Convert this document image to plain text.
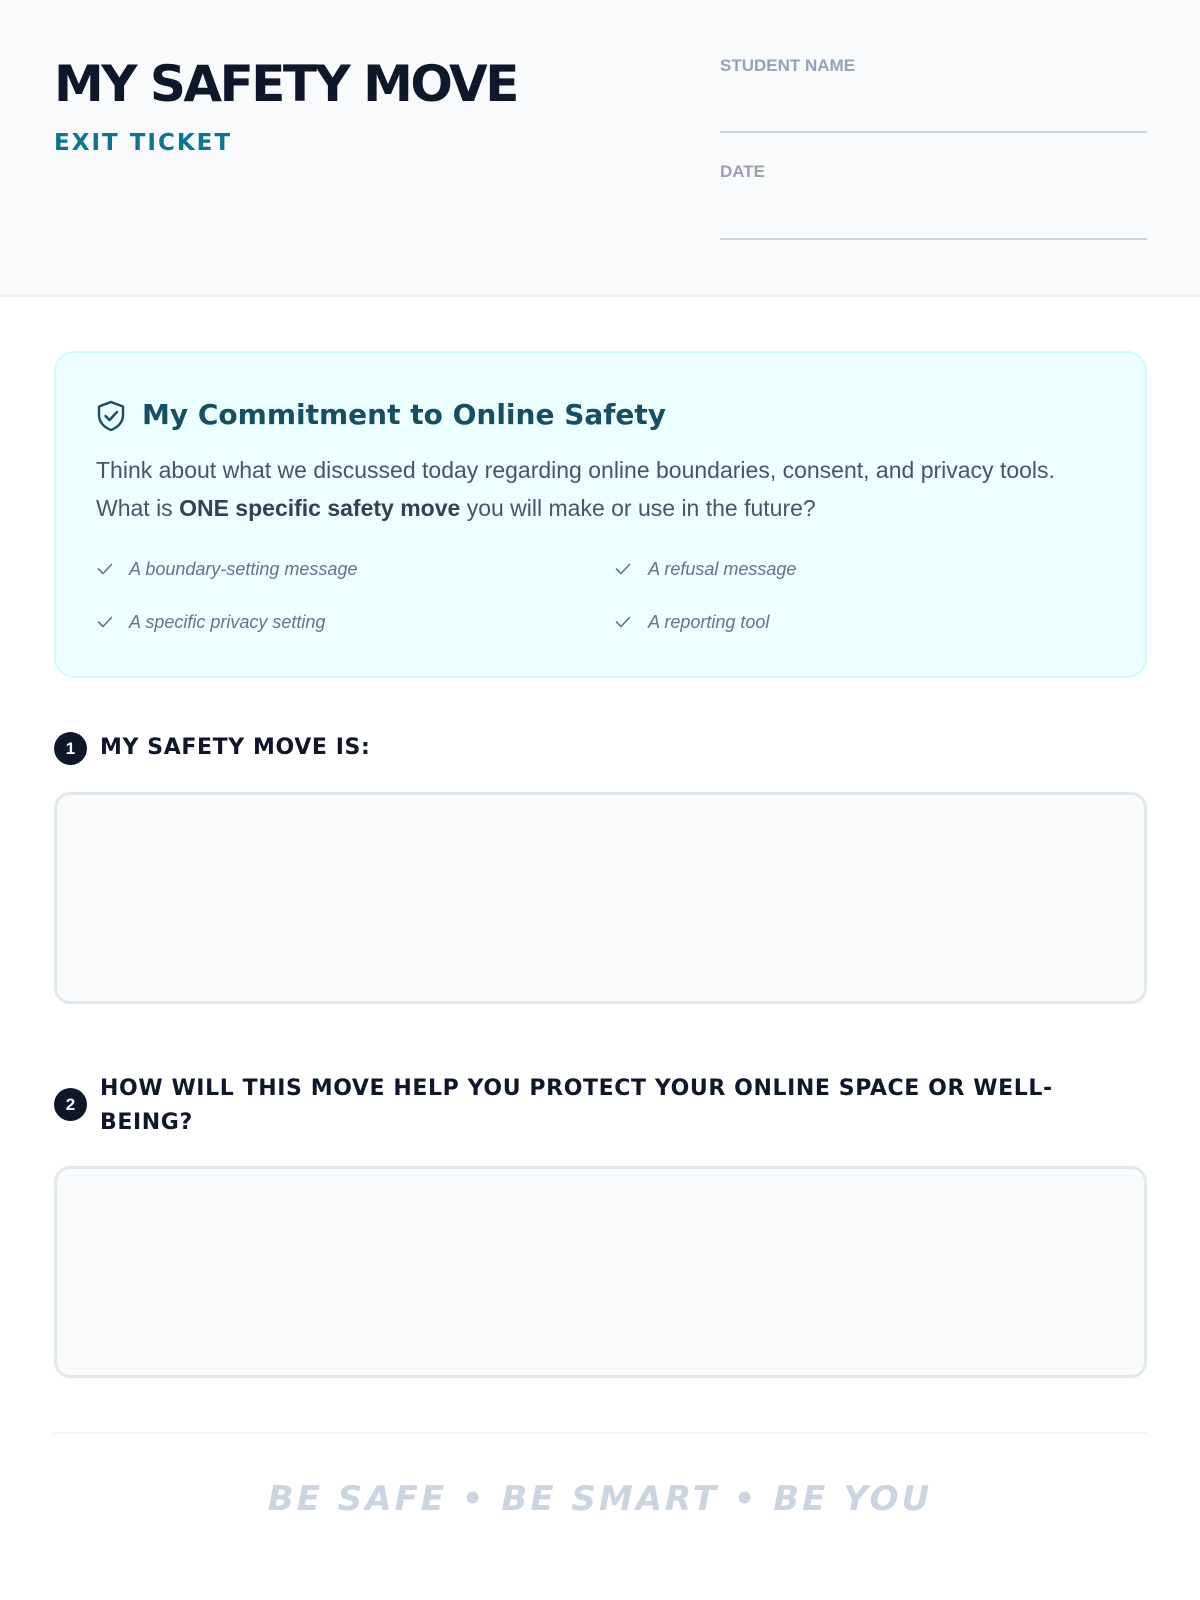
MY SAFETY MOVE
EXIT TICKET
STUDENT NAME
DATE
My Commitment to Online Safety
Think about what we discussed today regarding online boundaries, consent, and privacy tools. What is ONE specific safety move you will make or use in the future?
A boundary-setting message	A refusal message
A specific privacy setting	A reporting tool
1	MY SAFETY MOVE IS:
2
HOW WILL THIS MOVE HELP YOU PROTECT YOUR ONLINE SPACE OR WELL-BEING?
BE SAFE • BE SMART • BE YOU
